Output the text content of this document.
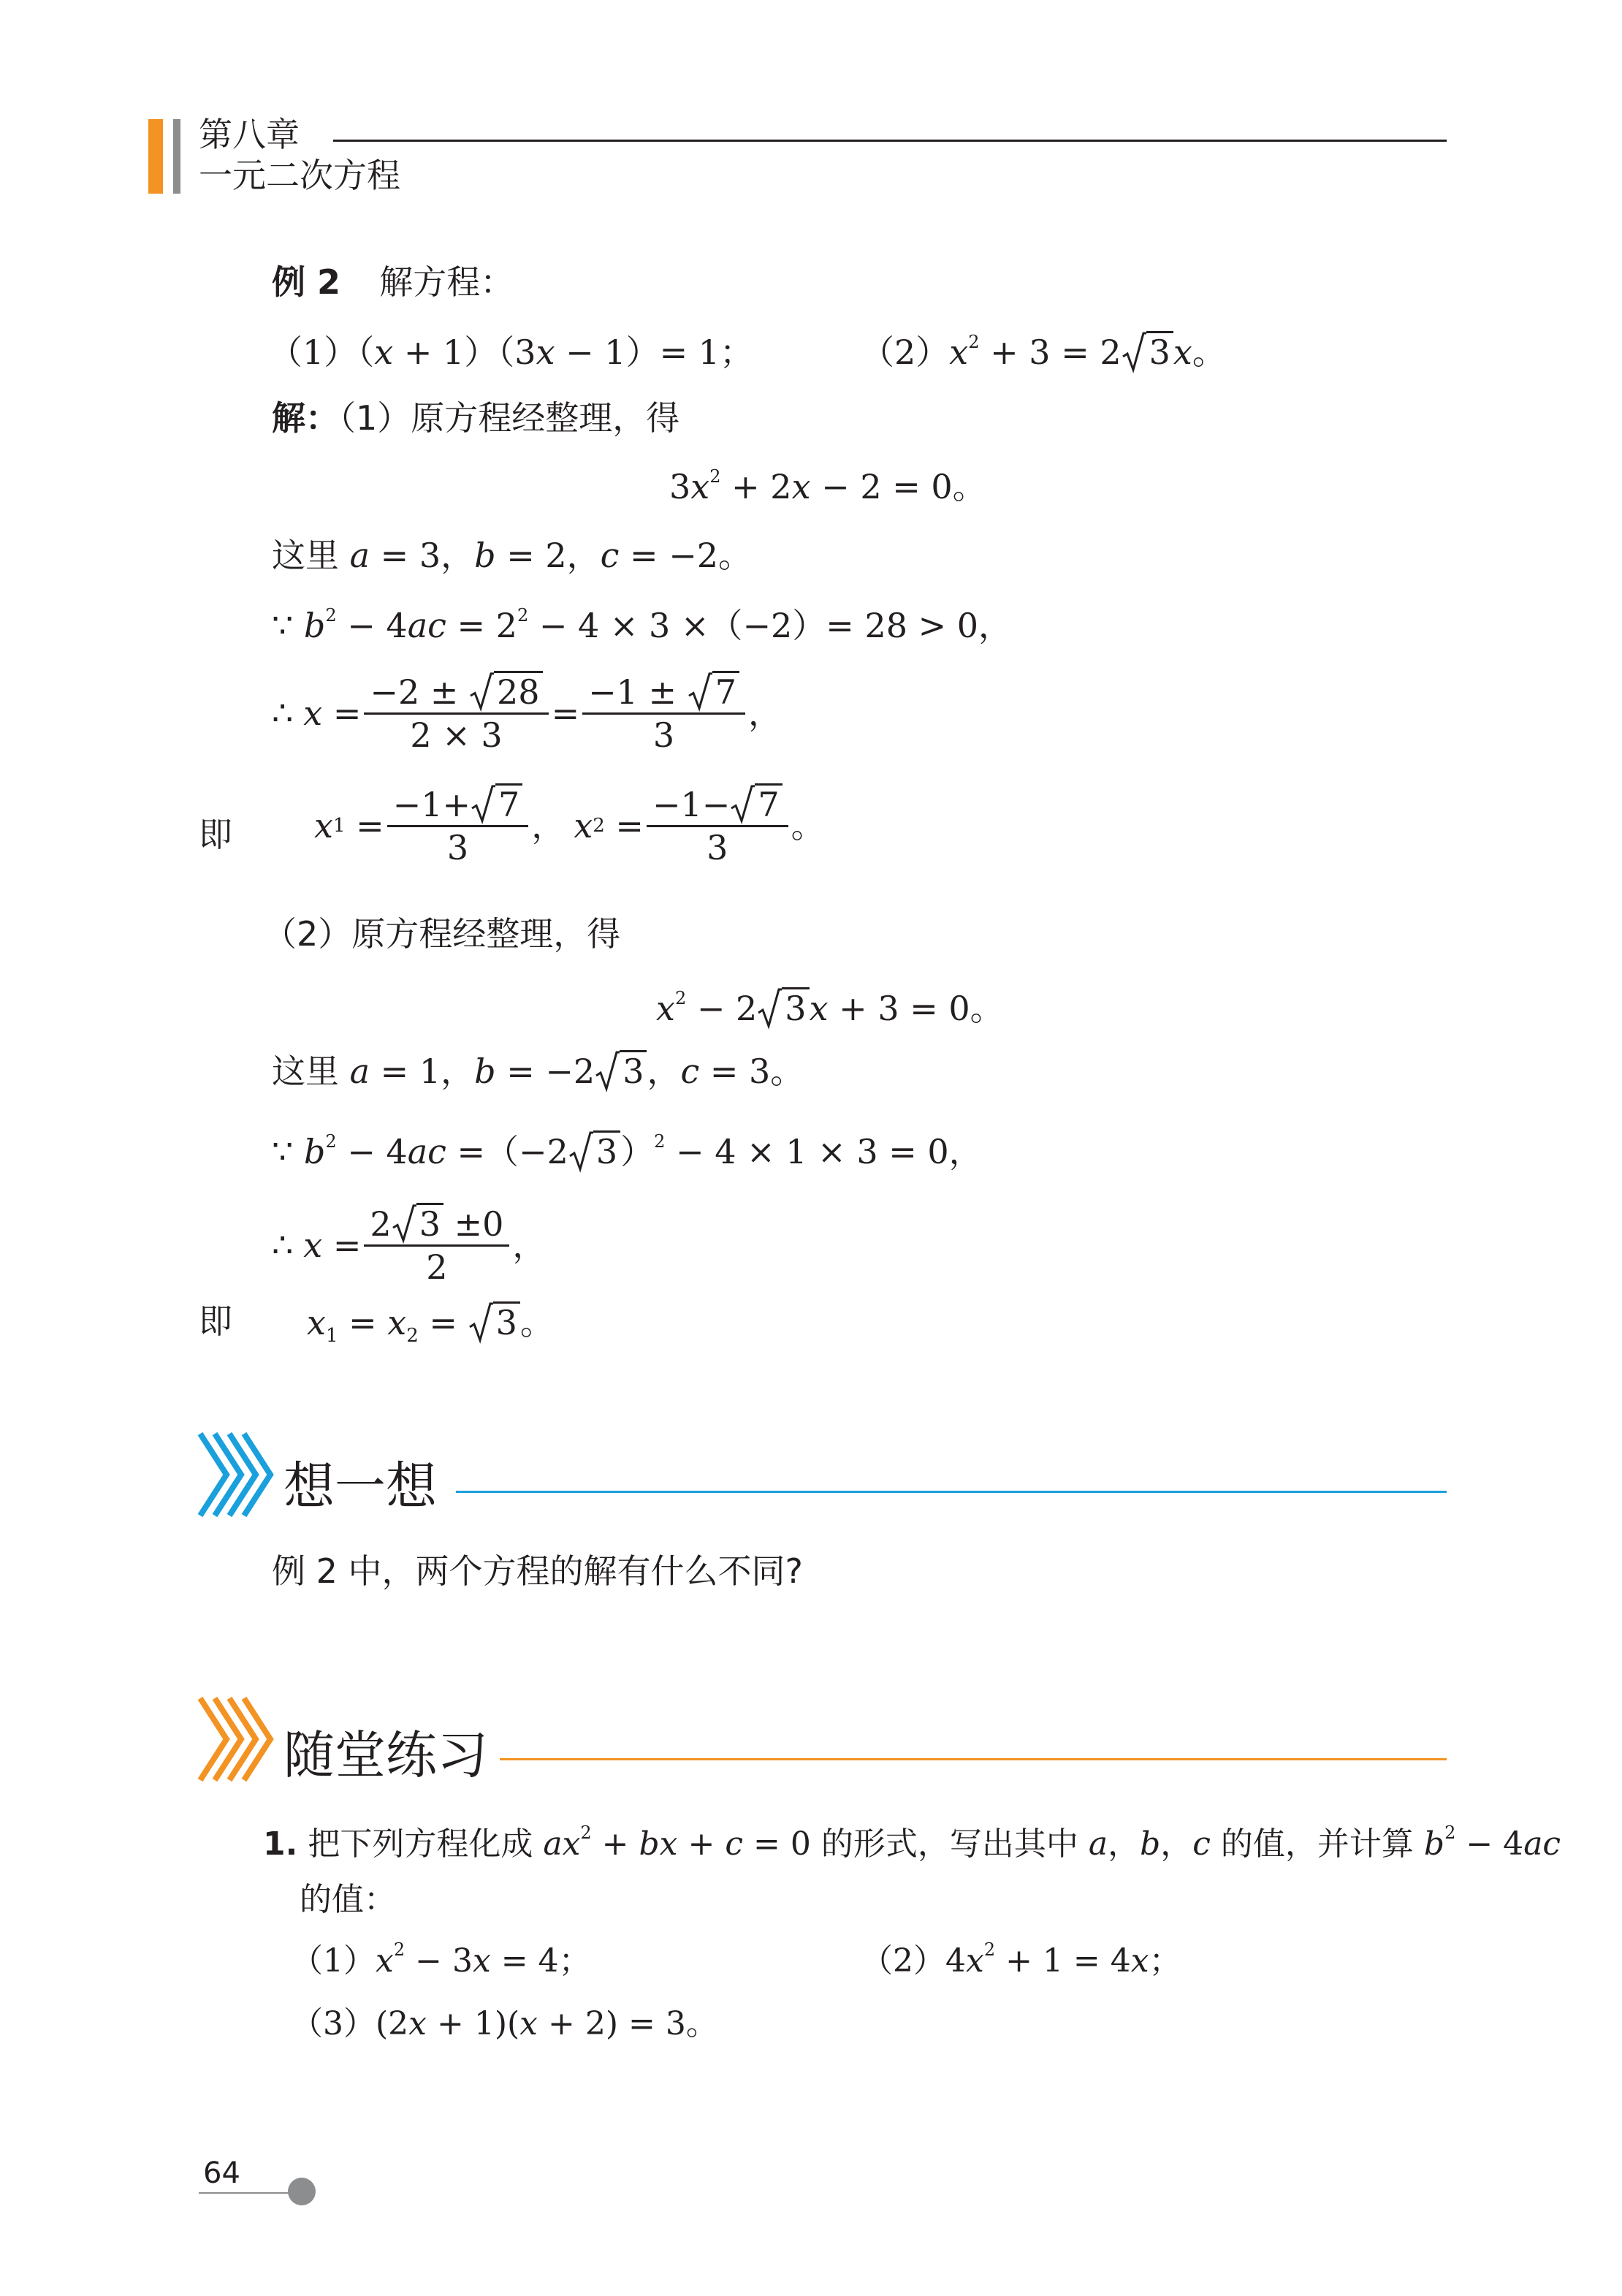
第八章
一元二次方程
例 2 解方程：
（1）（x + 1）（3x − 1）= 1；	$(2)x^2 + 3 = 2$ 3x。
解：（1）原方程经整理，得
$3x^2 + 2x - 2 = 0$。
这里 a = 3，b = 2，c = −2。
∵ $b^2 - 4ac = 2^2 - 4 \times 3 \times(-2)= 28 > 0$，
∴ $x = \frac{-2 \pm 28}{2 \times 3} = \frac{-1 \pm 7}{3}$ ，
即 x $1 = \frac{-1+ 7}{3}$ ， x $2 = \frac{-1- 7}{3}$ 。
（2）原方程经整理，得
$x^2 - 2$ 3x + 3 = 0。
这里 a = 1，b = −2 3，c = 3。
∵ $b^2 - 4ac =(-2$ 3）$^2$ − 4 × 1 × 3 = 0，
∴ $x = \frac{2 3 \pm 0}{2}$ ，
即 $x_1 = x_2 = 3$。
想一想
例 2 中，两个方程的解有什么不同?
随堂练习
1. 把下列方程化成 $ax^2$ + bx + c = 0 的形式，写出其中 a，b，c 的值，并计算 $b^2 - 4ac$
的值：
$(1)x^2 - 3x = 4$；	$(2)4x^2 + 1 = 4x$；
（3）(2x + 1)(x + 2) = 3。
64
